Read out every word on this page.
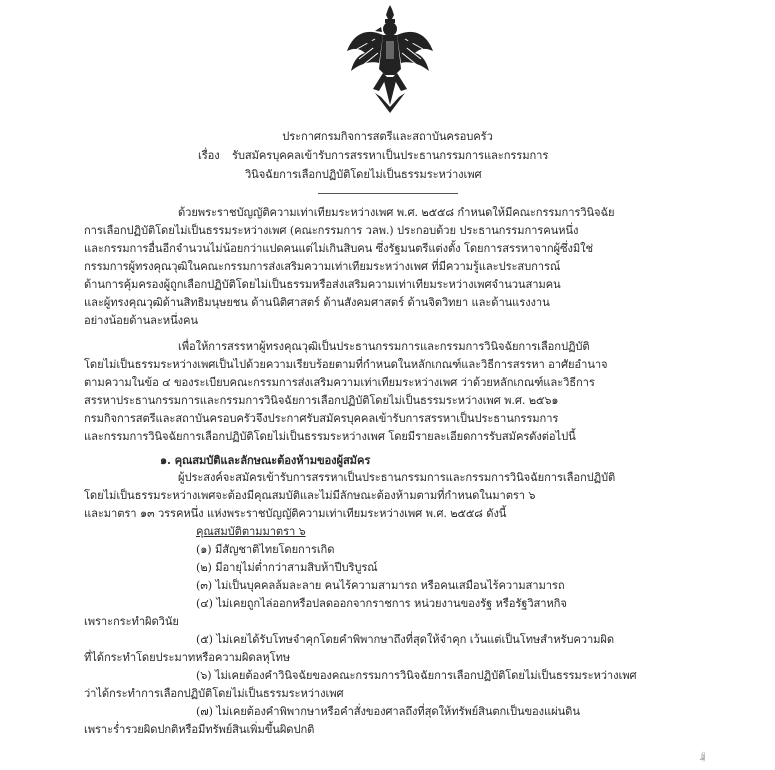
ประกาศกรมกิจการสตรีและสถาบันครอบครัว
เรื่อง รับสมัครบุคคลเข้ารับการสรรหาเป็นประธานกรรมการและกรรมการ
วินิจฉัยการเลือกปฏิบัติโดยไม่เป็นธรรมระหว่างเพศ
ด้วยพระราชบัญญัติความเท่าเทียมระหว่างเพศ พ.ศ. ๒๕๕๘ กำหนดให้มีคณะกรรมการวินิจฉัย
การเลือกปฏิบัติโดยไม่เป็นธรรมระหว่างเพศ (คณะกรรมการ วลพ.) ประกอบด้วย ประธานกรรมการคนหนึ่ง
และกรรมการอื่นอีกจำนวนไม่น้อยกว่าแปดคนแต่ไม่เกินสิบคน ซึ่งรัฐมนตรีแต่งตั้ง โดยการสรรหาจากผู้ซึ่งมิใช่
กรรมการผู้ทรงคุณวุฒิในคณะกรรมการส่งเสริมความเท่าเทียมระหว่างเพศ ที่มีความรู้และประสบการณ์
ด้านการคุ้มครองผู้ถูกเลือกปฏิบัติโดยไม่เป็นธรรมหรือส่งเสริมความเท่าเทียมระหว่างเพศจำนวนสามคน
และผู้ทรงคุณวุฒิด้านสิทธิมนุษยชน ด้านนิติศาสตร์ ด้านสังคมศาสตร์ ด้านจิตวิทยา และด้านแรงงาน
อย่างน้อยด้านละหนึ่งคน
เพื่อให้การสรรหาผู้ทรงคุณวุฒิเป็นประธานกรรมการและกรรมการวินิจฉัยการเลือกปฏิบัติ
โดยไม่เป็นธรรมระหว่างเพศเป็นไปด้วยความเรียบร้อยตามที่กำหนดในหลักเกณฑ์และวิธีการสรรหา อาศัยอำนาจ
ตามความในข้อ ๔ ของระเบียบคณะกรรมการส่งเสริมความเท่าเทียมระหว่างเพศ ว่าด้วยหลักเกณฑ์และวิธีการ
สรรหาประธานกรรมการและกรรมการวินิจฉัยการเลือกปฏิบัติโดยไม่เป็นธรรมระหว่างเพศ พ.ศ. ๒๕๖๑
กรมกิจการสตรีและสถาบันครอบครัวจึงประกาศรับสมัครบุคคลเข้ารับการสรรหาเป็นประธานกรรมการ
และกรรมการวินิจฉัยการเลือกปฏิบัติโดยไม่เป็นธรรมระหว่างเพศ โดยมีรายละเอียดการรับสมัครดังต่อไปนี้
๑. คุณสมบัติและลักษณะต้องห้ามของผู้สมัคร
ผู้ประสงค์จะสมัครเข้ารับการสรรหาเป็นประธานกรรมการและกรรมการวินิจฉัยการเลือกปฏิบัติ
โดยไม่เป็นธรรมระหว่างเพศจะต้องมีคุณสมบัติและไม่มีลักษณะต้องห้ามตามที่กำหนดในมาตรา ๖
และมาตรา ๑๓ วรรคหนึ่ง แห่งพระราชบัญญัติความเท่าเทียมระหว่างเพศ พ.ศ. ๒๕๕๘ ดังนี้
คุณสมบัติตามมาตรา ๖
(๑) มีสัญชาติไทยโดยการเกิด
(๒) มีอายุไม่ต่ำกว่าสามสิบห้าปีบริบูรณ์
(๓) ไม่เป็นบุคคลล้มละลาย คนไร้ความสามารถ หรือคนเสมือนไร้ความสามารถ
(๔) ไม่เคยถูกไล่ออกหรือปลดออกจากราชการ หน่วยงานของรัฐ หรือรัฐวิสาหกิจ
เพราะกระทำผิดวินัย
(๕) ไม่เคยได้รับโทษจำคุกโดยคำพิพากษาถึงที่สุดให้จำคุก เว้นแต่เป็นโทษสำหรับความผิด
ที่ได้กระทำโดยประมาทหรือความผิดลหุโทษ
(๖) ไม่เคยต้องคำวินิจฉัยของคณะกรรมการวินิจฉัยการเลือกปฏิบัติโดยไม่เป็นธรรมระหว่างเพศ
ว่าได้กระทำการเลือกปฏิบัติโดยไม่เป็นธรรมระหว่างเพศ
(๗) ไม่เคยต้องคำพิพากษาหรือคำสั่งของศาลถึงที่สุดให้ทรัพย์สินตกเป็นของแผ่นดิน
เพราะร่ำรวยผิดปกติหรือมีทรัพย์สินเพิ่มขึ้นผิดปกติ
/(๘)...
